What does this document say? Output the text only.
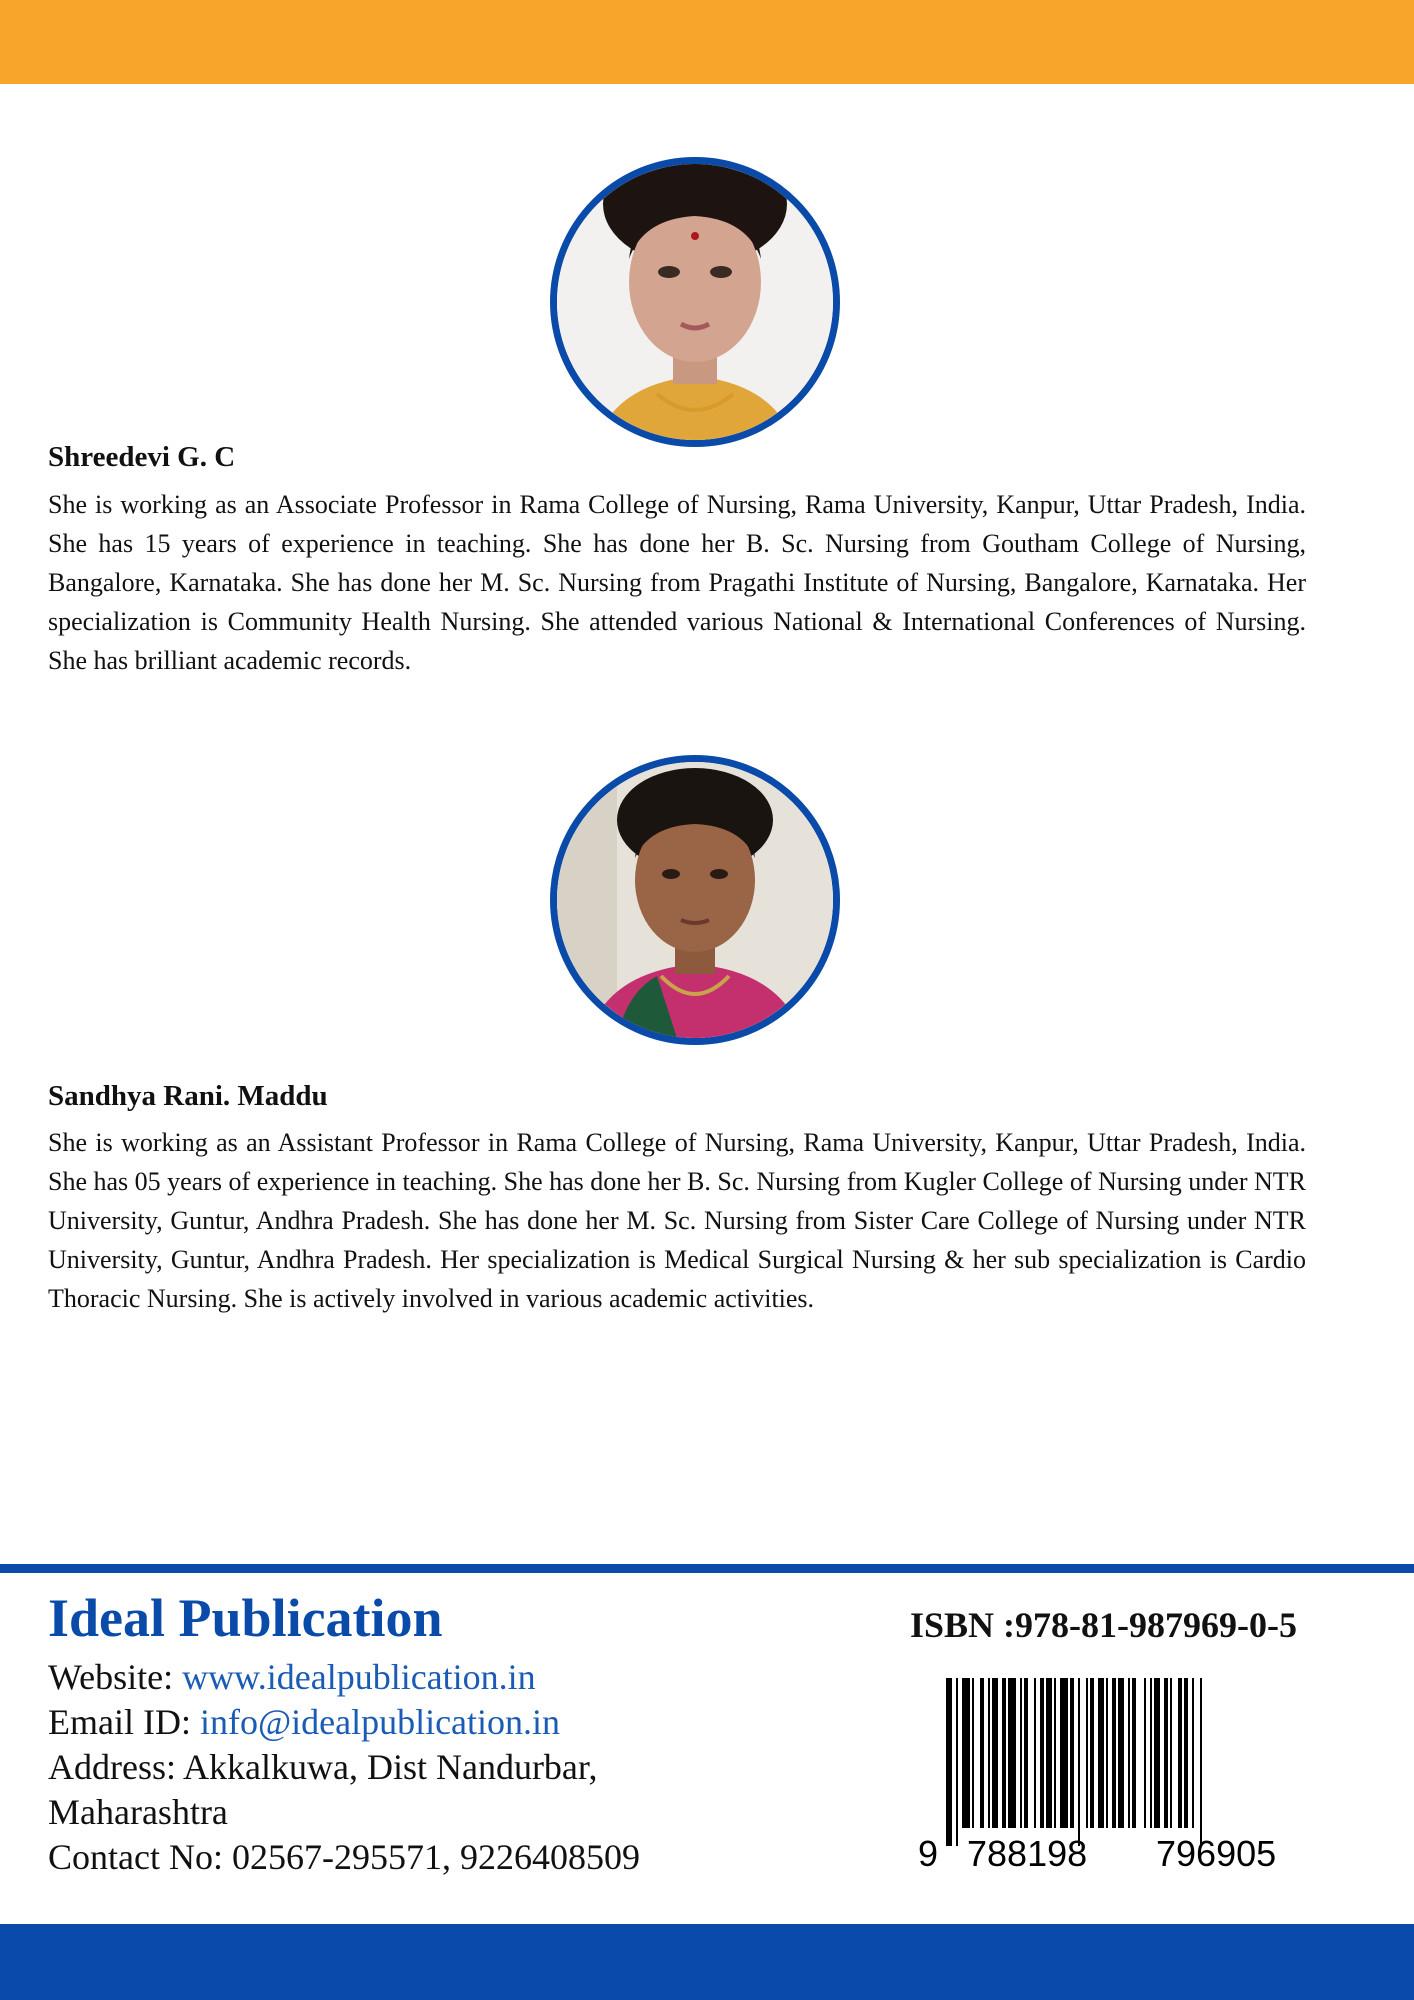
Shreedevi G. C

She is working as an Associate Professor in Rama College of Nursing, Rama University, Kanpur, Uttar Pradesh, India. She has 15 years of experience in teaching. She has done her B. Sc. Nursing from Goutham College of Nursing, Bangalore, Karnataka. She has done her M. Sc. Nursing from Pragathi Institute of Nursing, Bangalore, Karnataka. Her specialization is Community Health Nursing. She attended various National & International Conferences of Nursing. She has brilliant academic records.

Sandhya Rani. Maddu

She is working as an Assistant Professor in Rama College of Nursing, Rama University, Kanpur, Uttar Pradesh, India. She has 05 years of experience in teaching. She has done her B. Sc. Nursing from Kugler College of Nursing under NTR University, Guntur, Andhra Pradesh. She has done her M. Sc. Nursing from Sister Care College of Nursing under NTR University, Guntur, Andhra Pradesh. Her specialization is Medical Surgical Nursing & her sub specialization is Cardio Thoracic Nursing. She is actively involved in various academic activities.

Ideal Publication

Website: www.idealpublication.in
Email ID: info@idealpublication.in
Address: Akkalkuwa, Dist Nandurbar,
Maharashtra
Contact No: 02567-295571, 9226408509

ISBN :978-81-987969-0-5

9 788198 796905
